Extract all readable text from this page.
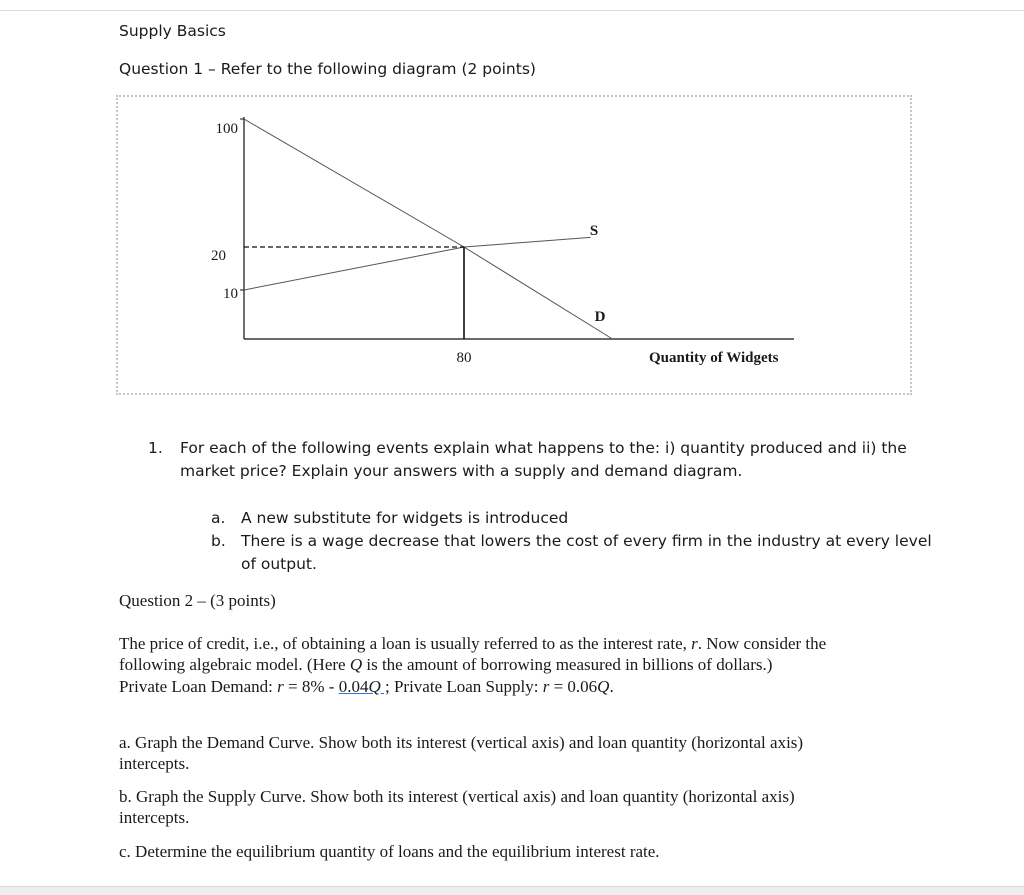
Supply Basics
Question 1 – Refer to the following diagram (2 points)
100
20
10
80	Quantity of Widgets
S
D
1. For each of the following events explain what happens to the: i) quantity produced and ii) the
market price? Explain your answers with a supply and demand diagram.
a. A new substitute for widgets is introduced
b. There is a wage decrease that lowers the cost of every firm in the industry at every level
of output.
Question 2 – (3 points)
The price of credit, i.e., of obtaining a loan is usually referred to as the interest rate, r. Now consider the
following algebraic model. (Here Q is the amount of borrowing measured in billions of dollars.)
Private Loan Demand: r = 8% - 0.04Q ; Private Loan Supply: r = 0.06Q.
a. Graph the Demand Curve. Show both its interest (vertical axis) and loan quantity (horizontal axis)
intercepts.
b. Graph the Supply Curve. Show both its interest (vertical axis) and loan quantity (horizontal axis)
intercepts.
c. Determine the equilibrium quantity of loans and the equilibrium interest rate.
